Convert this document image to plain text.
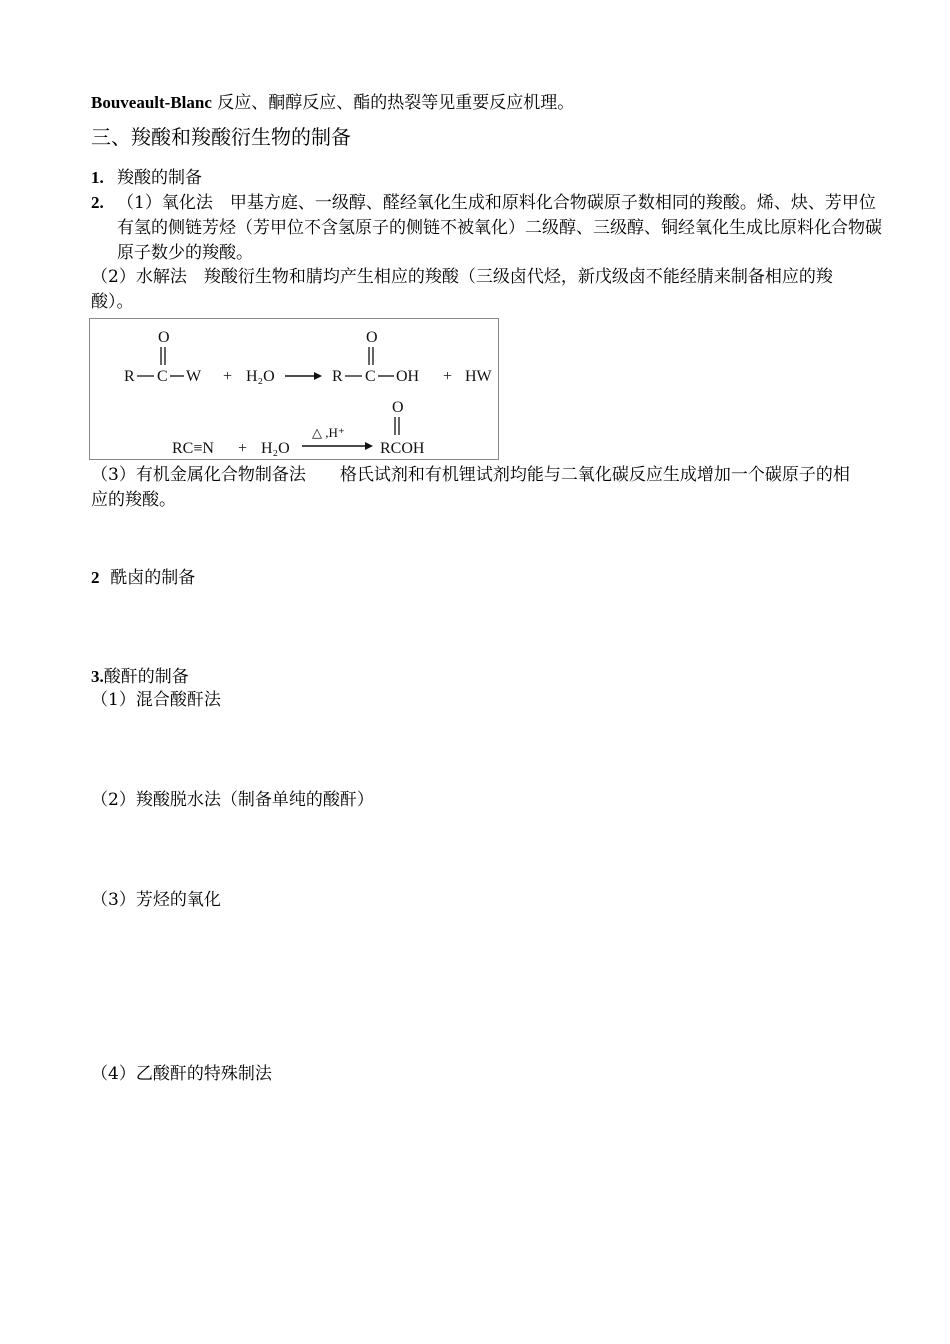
Bouveault-Blanc 反应、酮醇反应、酯的热裂等见重要反应机理。

三、羧酸和羧酸衍生物的制备

1. 羧酸的制备

2. （1）氧化法　甲基方庭、一级醇、醛经氧化生成和原料化合物碳原子数相同的羧酸。烯、炔、芳甲位有氢的侧链芳烃（芳甲位不含氢原子的侧链不被氧化）二级醇、三级醇、铜经氧化生成比原料化合物碳原子数少的羧酸。

（2）水解法　羧酸衍生物和腈均产生相应的羧酸（三级卤代烃，新戊级卤不能经腈来制备相应的羧酸）。

O
R C W + H₂O
O
R C OH + HW
RC≡N + H₂O
△ ,H⁺
O
RCOH

（3）有机金属化合物制备法　　格氏试剂和有机锂试剂均能与二氧化碳反应生成增加一个碳原子的相应的羧酸。

2 酰卤的制备

3.酸酐的制备

（1）混合酸酐法

（2）羧酸脱水法（制备单纯的酸酐）

（3）芳烃的氧化

（4）乙酸酐的特殊制法
